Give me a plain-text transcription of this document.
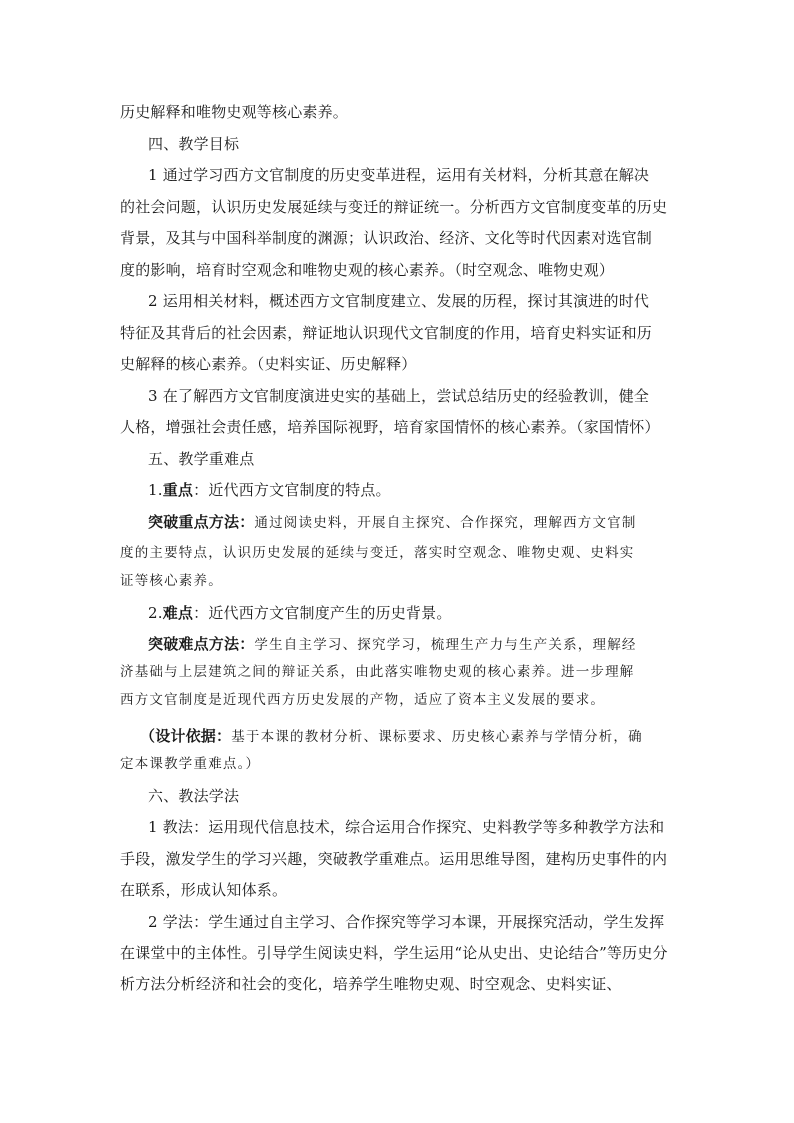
历史解释和唯物史观等核心素养。
四、教学目标
1 通过学习西方文官制度的历史变革进程，运用有关材料，分析其意在解决
的社会问题，认识历史发展延续与变迁的辩证统一。分析西方文官制度变革的历史
背景，及其与中国科举制度的渊源；认识政治、经济、文化等时代因素对选官制
度的影响，培育时空观念和唯物史观的核心素养。（时空观念、唯物史观）
2 运用相关材料，概述西方文官制度建立、发展的历程，探讨其演进的时代
特征及其背后的社会因素，辩证地认识现代文官制度的作用，培育史料实证和历
史解释的核心素养。（史料实证、历史解释）
3 在了解西方文官制度演进史实的基础上，尝试总结历史的经验教训，健全
人格，增强社会责任感，培养国际视野，培育家国情怀的核心素养。（家国情怀）
五、教学重难点
1.重点：近代西方文官制度的特点。
突破重点方法：通过阅读史料，开展自主探究、合作探究，理解西方文官制
度的主要特点，认识历史发展的延续与变迁，落实时空观念、唯物史观、史料实
证等核心素养。
2.难点：近代西方文官制度产生的历史背景。
突破难点方法：学生自主学习、探究学习，梳理生产力与生产关系，理解经
济基础与上层建筑之间的辩证关系，由此落实唯物史观的核心素养。进一步理解
西方文官制度是近现代西方历史发展的产物，适应了资本主义发展的要求。
（设计依据：基于本课的教材分析、课标要求、历史核心素养与学情分析，确
定本课教学重难点。）
六、教法学法
1 教法：运用现代信息技术，综合运用合作探究、史料教学等多种教学方法和
手段，激发学生的学习兴趣，突破教学重难点。运用思维导图，建构历史事件的内
在联系，形成认知体系。
2 学法：学生通过自主学习、合作探究等学习本课，开展探究活动，学生发挥
在课堂中的主体性。引导学生阅读史料，学生运用“论从史出、史论结合”等历史分
析方法分析经济和社会的变化，培养学生唯物史观、时空观念、史料实证、
